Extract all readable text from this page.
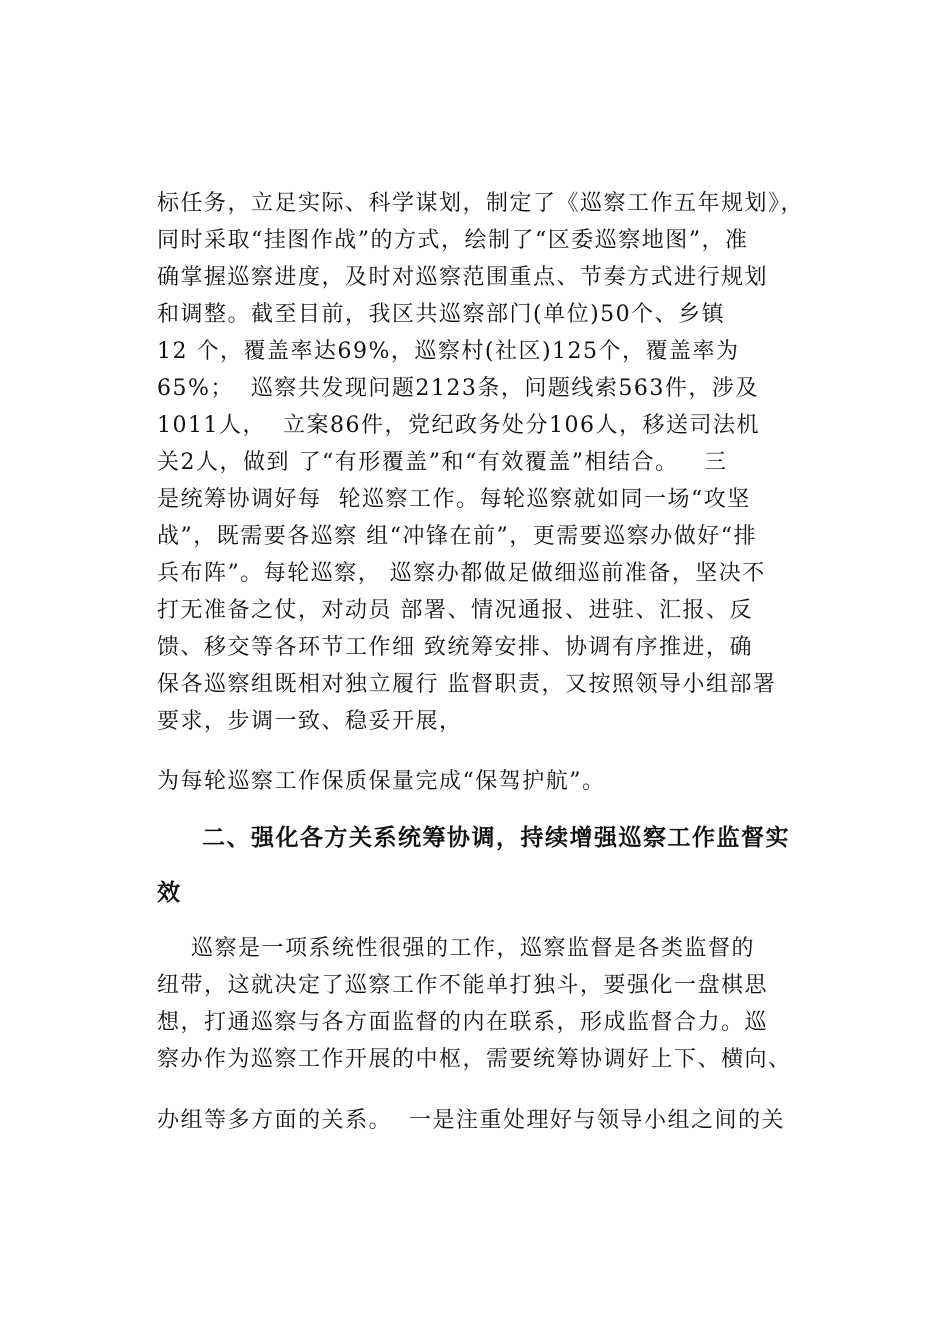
标任务，立足实际、科学谋划，制定了《巡察工作五年规划》，
同时采取“挂图作战”的方式，绘制了“区委巡察地图”，准
确掌握巡察进度，及时对巡察范围重点、节奏方式进行规划
和调整。截至目前，我区共巡察部门(单位)50个、乡镇
12 个，覆盖率达69%，巡察村(社区)125个，覆盖率为
65%；  巡察共发现问题2123条，问题线索563件，涉及
1011人，  立案86件，党纪政务处分106人，移送司法机
关2人，做到 了“有形覆盖”和“有效覆盖”相结合。   三
是统筹协调好每  轮巡察工作。每轮巡察就如同一场“攻坚
战”，既需要各巡察 组“冲锋在前”，更需要巡察办做好“排
兵布阵”。每轮巡察， 巡察办都做足做细巡前准备，坚决不
打无准备之仗，对动员 部署、情况通报、进驻、汇报、反
馈、移交等各环节工作细 致统筹安排、协调有序推进，确
保各巡察组既相对独立履行 监督职责，又按照领导小组部署
要求，步调一致、稳妥开展，
为每轮巡察工作保质保量完成“保驾护航”。
二、强化各方关系统筹协调，持续增强巡察工作监督实
效
巡察是一项系统性很强的工作，巡察监督是各类监督的
纽带，这就决定了巡察工作不能单打独斗，要强化一盘棋思
想，打通巡察与各方面监督的内在联系，形成监督合力。巡
察办作为巡察工作开展的中枢，需要统筹协调好上下、横向、
办组等多方面的关系。  一是注重处理好与领导小组之间的关
